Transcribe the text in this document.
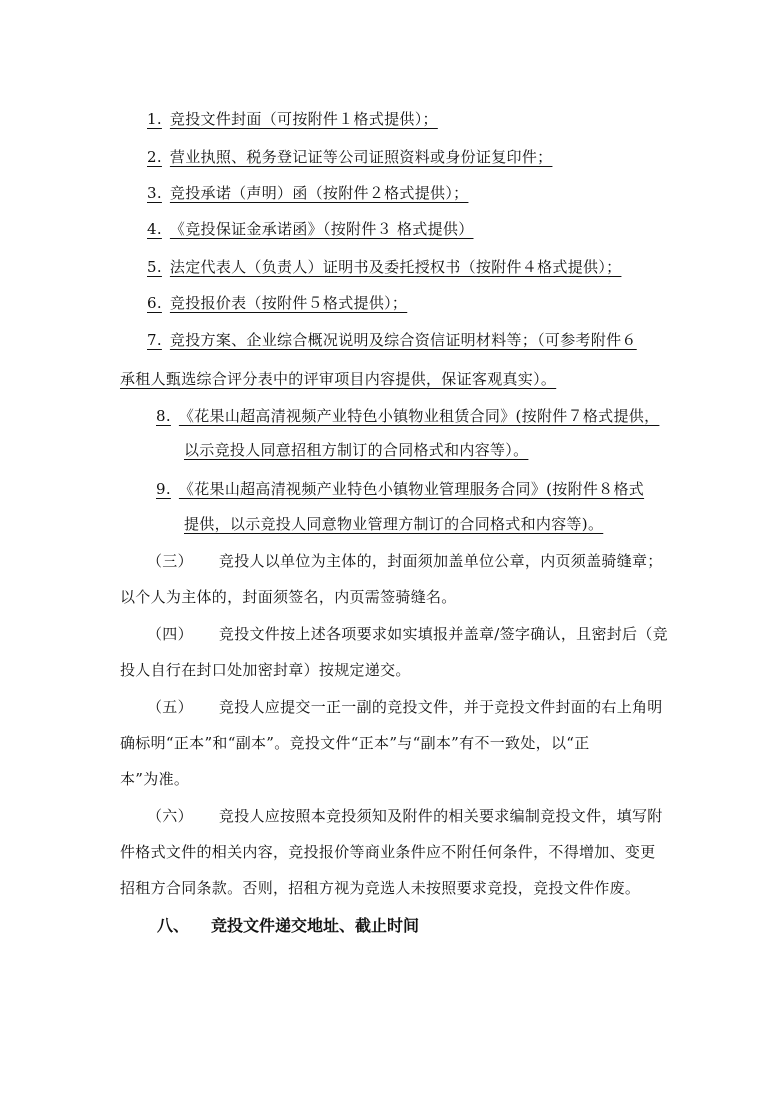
1. 竞投文件封面（可按附件１格式提供）；
2. 营业执照、税务登记证等公司证照资料或身份证复印件；
3. 竞投承诺（声明）函（按附件２格式提供）；
4. 《竞投保证金承诺函》（按附件３ 格式提供）
5. 法定代表人（负责人）证明书及委托授权书（按附件４格式提供）；
6. 竞投报价表（按附件５格式提供）；
7. 竞投方案、企业综合概况说明及综合资信证明材料等；（可参考附件６
承租人甄选综合评分表中的评审项目内容提供，保证客观真实）。
8. 《花果山超高清视频产业特色小镇物业租赁合同》(按附件７格式提供，
以示竞投人同意招租方制订的合同格式和内容等）。
9. 《花果山超高清视频产业特色小镇物业管理服务合同》(按附件８格式
提供，以示竞投人同意物业管理方制订的合同格式和内容等)。
（三） 竞投人以单位为主体的，封面须加盖单位公章，内页须盖骑缝章；
以个人为主体的，封面须签名，内页需签骑缝名。
（四） 竞投文件按上述各项要求如实填报并盖章/签字确认，且密封后（竞
投人自行在封口处加密封章）按规定递交。
（五） 竞投人应提交一正一副的竞投文件，并于竞投文件封面的右上角明
确标明“正本”和“副本”。竞投文件“正本”与“副本”有不一致处，以“正
本”为准。
（六） 竞投人应按照本竞投须知及附件的相关要求编制竞投文件，填写附
件格式文件的相关内容，竞投报价等商业条件应不附任何条件，不得增加、变更
招租方合同条款。否则，招租方视为竞选人未按照要求竞投，竞投文件作废。
八、 竞投文件递交地址、截止时间
